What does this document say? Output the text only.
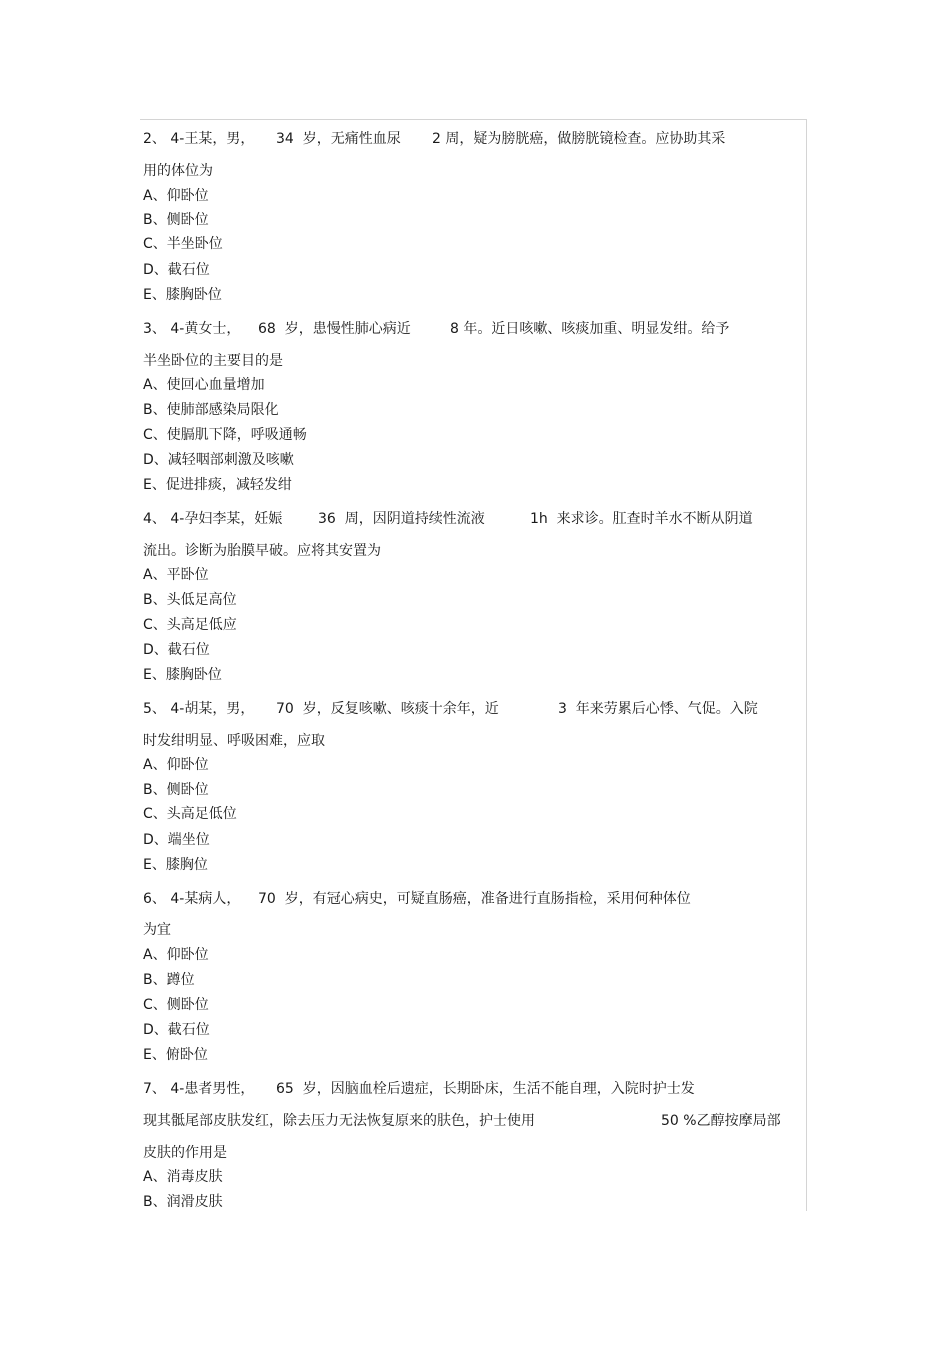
2、 4-王某，男，

34  岁，无痛性血尿

2 周，疑为膀胱癌，做膀胱镜检查。应协助其采

用的体位为
A、仰卧位
B、侧卧位
C、半坐卧位
D、截石位
E、膝胸卧位

3、 4-黄女士，

68  岁，患慢性肺心病近

	8 年。近日咳嗽、咳痰加重、明显发绀。给予

半坐卧位的主要目的是
A、使回心血量增加
B、使肺部感染局限化
C、使膈肌下降，呼吸通畅
D、减轻咽部刺激及咳嗽
E、促进排痰，减轻发绀

4、 4-孕妇李某，妊娠

	36  周，因阴道持续性流液

	1h  来求诊。肛查时羊水不断从阴道

流出。诊断为胎膜早破。应将其安置为
A、平卧位
B、头低足高位
C、头高足低应
D、截石位
E、膝胸卧位

5、 4-胡某，男，

70  岁，反复咳嗽、咳痰十余年，近

	3  年来劳累后心悸、气促。入院

时发绀明显、呼吸困难，应取
A、仰卧位
B、侧卧位
C、头高足低位
D、端坐位
E、膝胸位

6、 4-某病人，

70  岁，有冠心病史，可疑直肠癌，准备进行直肠指检，采用何种体位

为宜
A、仰卧位
B、蹲位
C、侧卧位
D、截石位
E、俯卧位

7、 4-患者男性，

65  岁，因脑血栓后遗症，长期卧床，生活不能自理，入院时护士发

现其骶尾部皮肤发红，除去压力无法恢复原来的肤色，护士使用

	50 %乙醇按摩局部

皮肤的作用是
A、消毒皮肤
B、润滑皮肤
